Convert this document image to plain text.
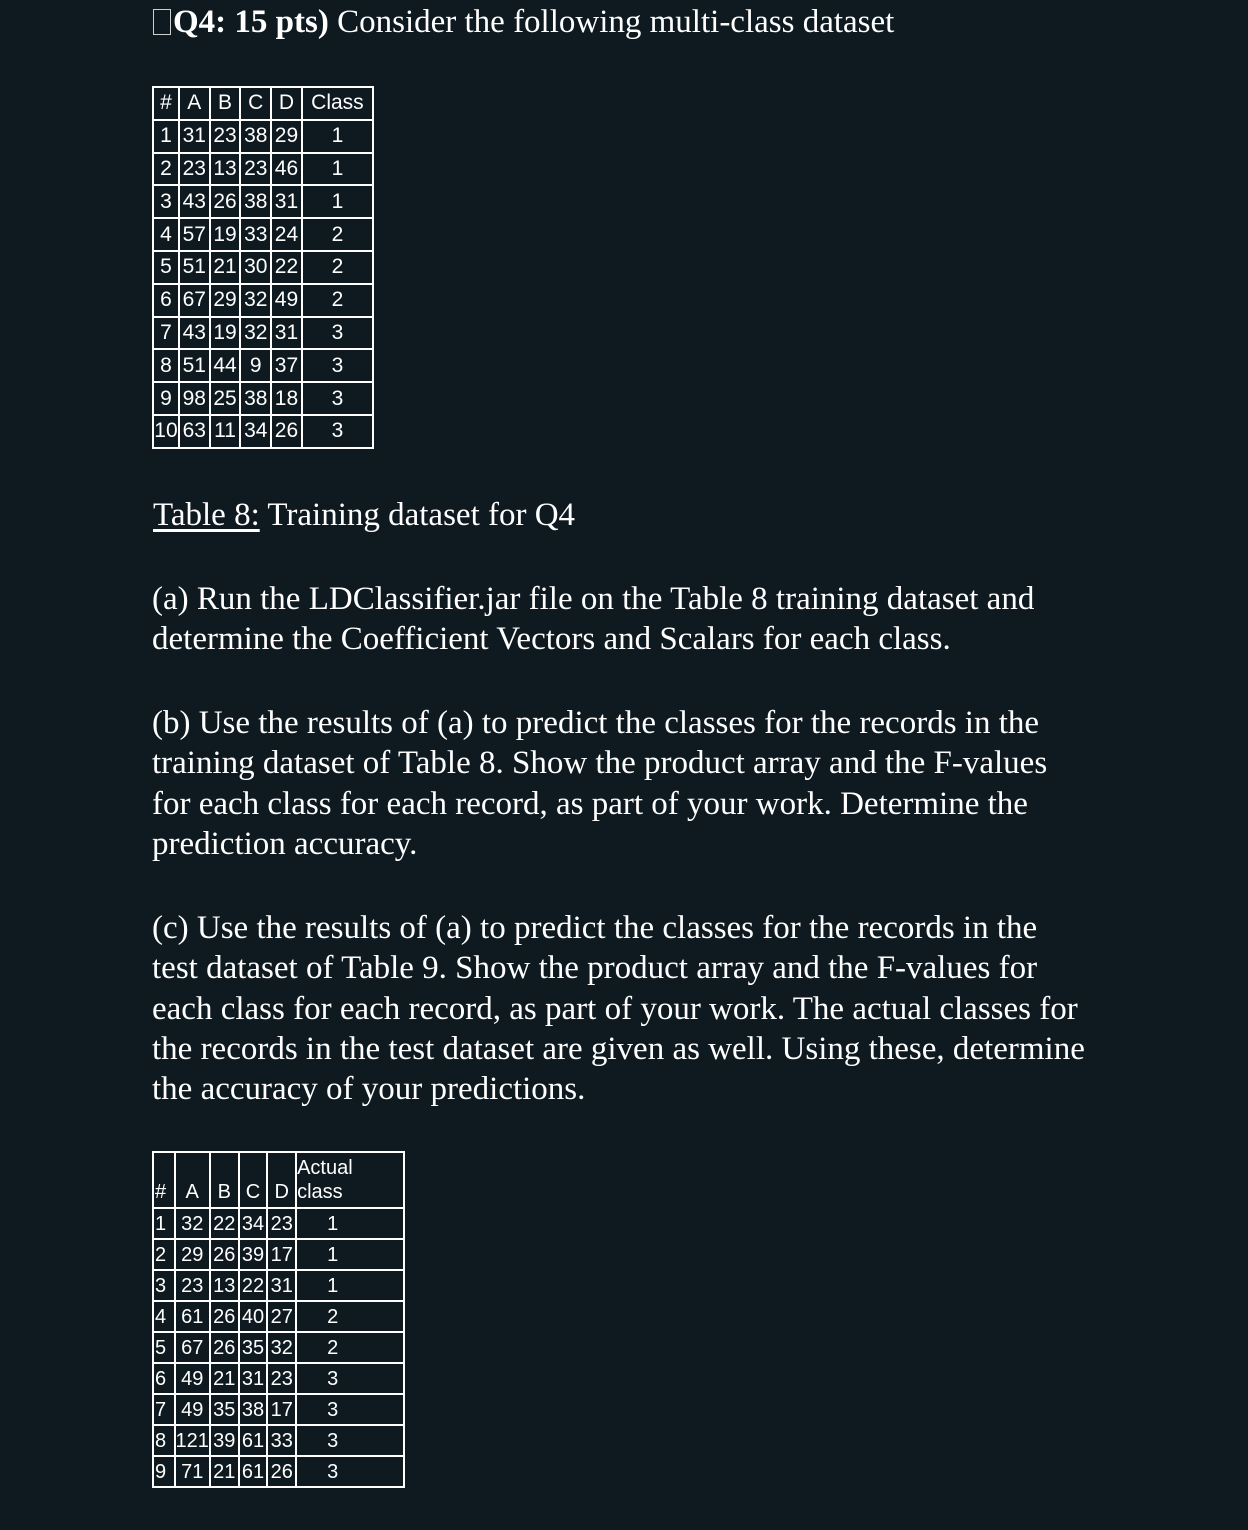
Q4: 15 pts) Consider the following multi-class dataset
#	A	B	C	D	Class
1	31	23	38	29	1
2	23	13	23	46	1
3	43	26	38	31	1
4	57	19	33	24	2
5	51	21	30	22	2
6	67	29	32	49	2
7	43	19	32	31	3
8	51	44	9	37	3
9	98	25	38	18	3
10	63	11	34	26	3
Table 8: Training dataset for Q4
(a) Run the LDClassifier.jar file on the Table 8 training dataset and
determine the Coefficient Vectors and Scalars for each class.
(b) Use the results of (a) to predict the classes for the records in the
training dataset of Table 8. Show the product array and the F-values
for each class for each record, as part of your work. Determine the
prediction accuracy.
(c) Use the results of (a) to predict the classes for the records in the
test dataset of Table 9. Show the product array and the F-values for
each class for each record, as part of your work. The actual classes for
the records in the test dataset are given as well. Using these, determine
the accuracy of your predictions.
#	A	B	C	D	Actual
class

1	32	22	34	23	1
2	29	26	39	17	1
3	23	13	22	31	1
4	61	26	40	27	2
5	67	26	35	32	2
6	49	21	31	23	3
7	49	35	38	17	3
8	121	39	61	33	3
9	71	21	61	26	3
